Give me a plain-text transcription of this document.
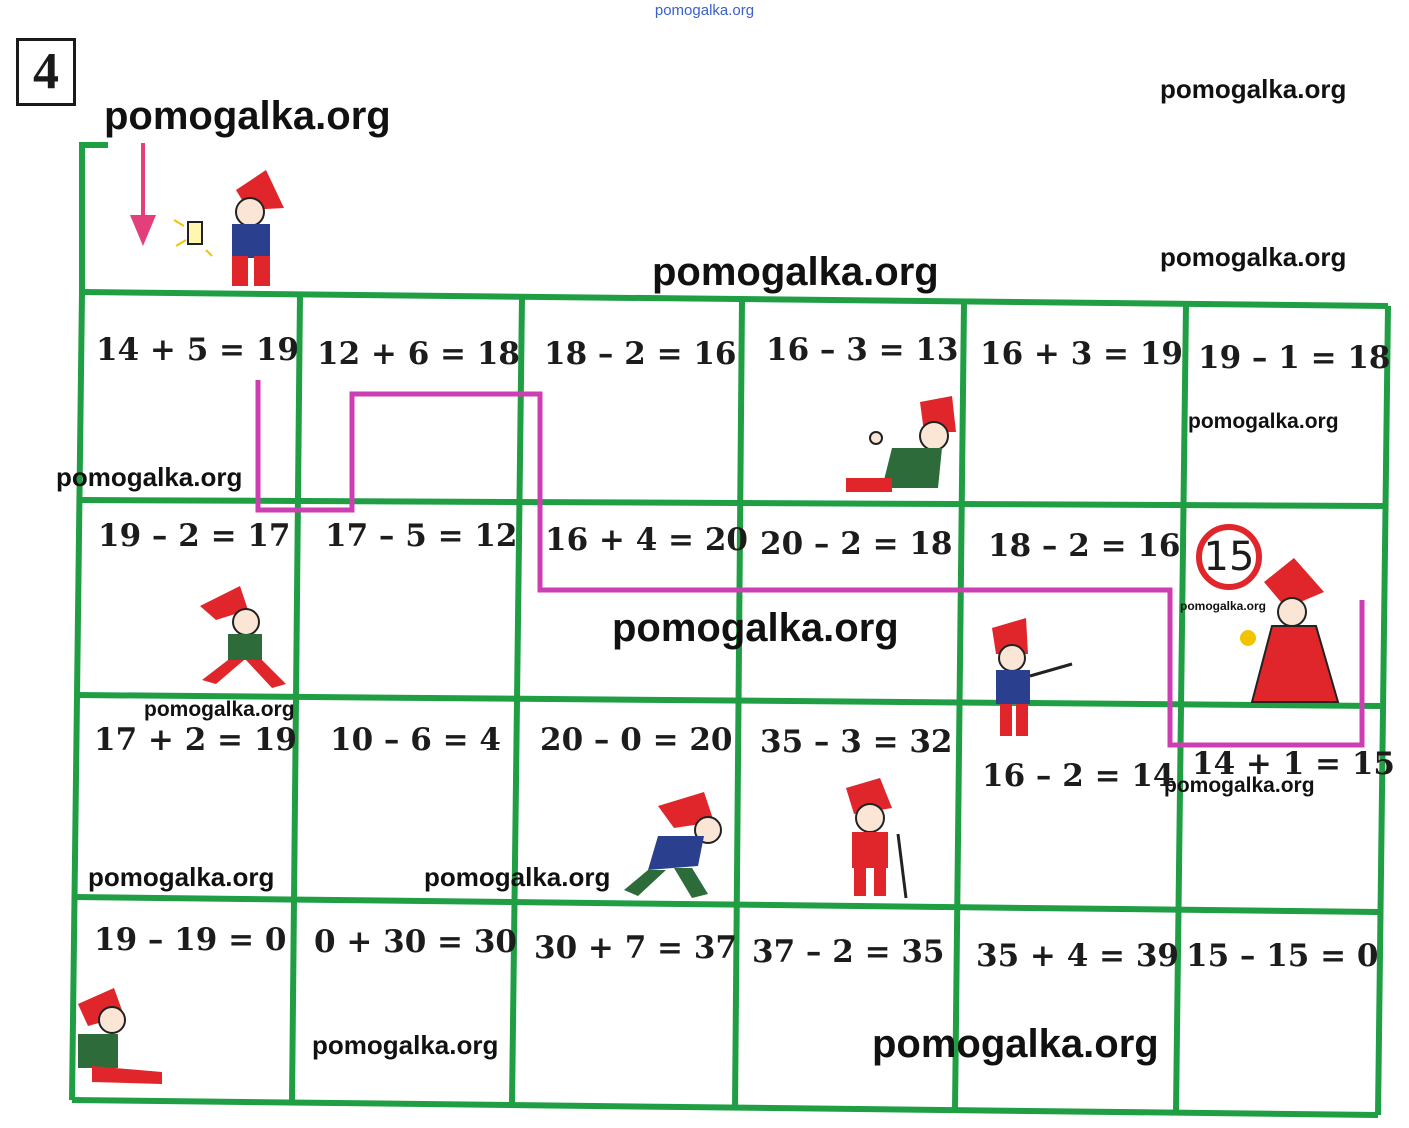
pomogalka.org
4
pomogalka.org
pomogalka.org
pomogalka.org
pomogalka.org
pomogalka.org
pomogalka.org
pomogalka.org
pomogalka.org	pomogalka.org
pomogalka.org
pomogalka.org
pomogalka.org
pomogalka.org
pomogalka.org
14 + 5 = 19 12 + 6 = 18 18 – 2 = 16 16 – 3 = 13 16 + 3 = 19 19 – 1 = 18
19 – 2 = 17 17 – 5 = 12 16 + 4 = 20 20 – 2 = 18 18 – 2 = 16 15
17 + 2 = 19 10 – 6 = 4 20 – 0 = 20 35 – 3 = 32
16 – 2 = 14 14 + 1 = 15
19 – 19 = 0 0 + 30 = 30 30 + 7 = 37 37 – 2 = 35 35 + 4 = 39 15 – 15 = 0
